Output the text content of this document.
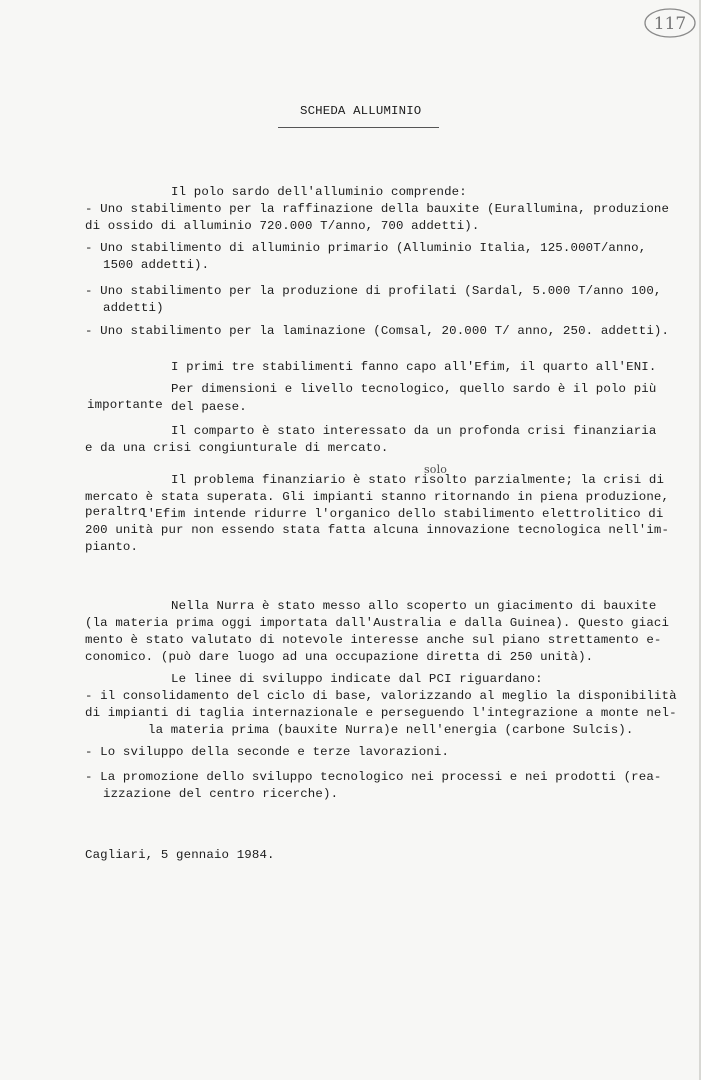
117
SCHEDA ALLUMINIO
Il polo sardo dell'alluminio comprende:
- Uno stabilimento per la raffinazione della bauxite (Eurallumina, produzione
di ossido di alluminio 720.000 T/anno, 700 addetti).
- Uno stabilimento di alluminio primario (Alluminio Italia, 125.000T/anno,
1500 addetti).
- Uno stabilimento per la produzione di profilati (Sardal, 5.000 T/anno 100,
addetti)
- Uno stabilimento per la laminazione (Comsal, 20.000 T/ anno, 250. addetti).
I primi tre stabilimenti fanno capo all'Efim, il quarto all'ENI.
Per dimensioni e livello tecnologico, quello sardo è il polo più
importante del paese.
Il comparto è stato interessato da un profonda crisi finanziaria
e da una crisi congiunturale di mercato.
solo
Il problema finanziario è stato risolto parzialmente; la crisi di
mercato è stata superata. Gli impianti stanno ritornando in piena produzione,
peraltro
l'Efim intende ridurre l'organico dello stabilimento elettrolitico di
200 unità pur non essendo stata fatta alcuna innovazione tecnologica nell'im-
pianto.
Nella Nurra è stato messo allo scoperto un giacimento di bauxite
(la materia prima oggi importata dall'Australia e dalla Guinea). Questo giaci
mento è stato valutato di notevole interesse anche sul piano strettamento e-
conomico. (può dare luogo ad una occupazione diretta di 250 unità).
Le linee di sviluppo indicate dal PCI riguardano:
- il consolidamento del ciclo di base, valorizzando al meglio la disponibilità
di impianti di taglia internazionale e perseguendo l'integrazione a monte nel-
la materia prima (bauxite Nurra)e nell'energia (carbone Sulcis).
- Lo sviluppo della seconde e terze lavorazioni.
- La promozione dello sviluppo tecnologico nei processi e nei prodotti (rea-
izzazione del centro ricerche).
Cagliari, 5 gennaio 1984.
